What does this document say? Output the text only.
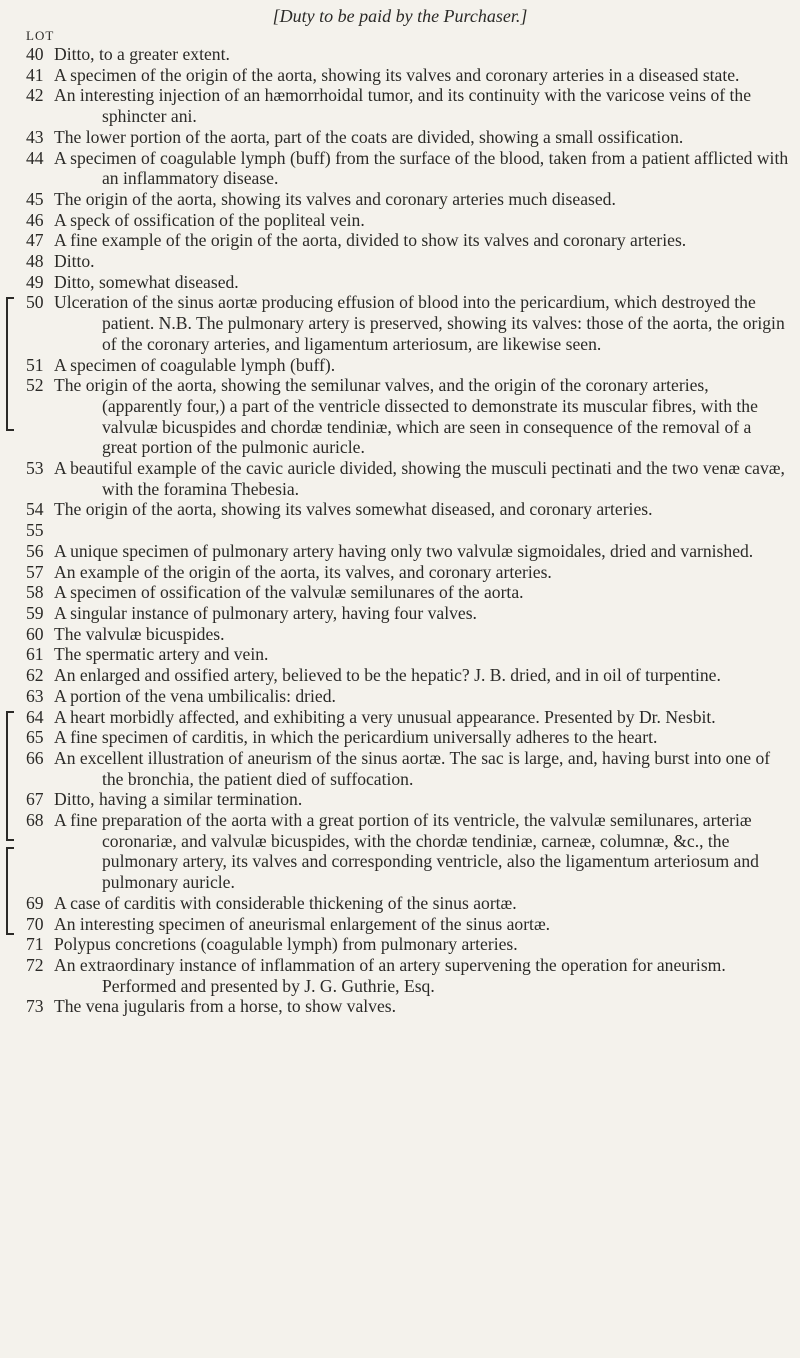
[Duty to be paid by the Purchaser.]
LOT
40 Ditto, to a greater extent.
41 A specimen of the origin of the aorta, showing its valves and coronary arteries in a diseased state.
42 An interesting injection of an hæmorrhoidal tumor, and its continuity with the varicose veins of the sphincter ani.
43 The lower portion of the aorta, part of the coats are divided, showing a small ossification.
44 A specimen of coagulable lymph (buff) from the surface of the blood, taken from a patient afflicted with an inflammatory disease.
45 The origin of the aorta, showing its valves and coronary arteries much diseased.
46 A speck of ossification of the popliteal vein.
47 A fine example of the origin of the aorta, divided to show its valves and coronary arteries.
48 Ditto.
49 Ditto, somewhat diseased.
50 Ulceration of the sinus aortæ producing effusion of blood into the pericardium, which destroyed the patient. N.B. The pulmonary artery is preserved, showing its valves: those of the aorta, the origin of the coronary arteries, and ligamentum arteriosum, are likewise seen.
51 A specimen of coagulable lymph (buff).
52 The origin of the aorta, showing the semilunar valves, and the origin of the coronary arteries, (apparently four,) a part of the ventricle dissected to demonstrate its muscular fibres, with the valvulæ bicuspides and chordæ tendiniæ, which are seen in consequence of the removal of a great portion of the pulmonic auricle.
53 A beautiful example of the cavic auricle divided, showing the musculi pectinati and the two venæ cavæ, with the foramina Thebesia.
54 The origin of the aorta, showing its valves somewhat diseased, and coronary arteries.
55
56 A unique specimen of pulmonary artery having only two valvulæ sigmoidales, dried and varnished.
57 An example of the origin of the aorta, its valves, and coronary arteries.
58 A specimen of ossification of the valvulæ semilunares of the aorta.
59 A singular instance of pulmonary artery, having four valves.
60 The valvulæ bicuspides.
61 The spermatic artery and vein.
62 An enlarged and ossified artery, believed to be the hepatic? J. B. dried, and in oil of turpentine.
63 A portion of the vena umbilicalis: dried.
64 A heart morbidly affected, and exhibiting a very unusual appearance. Presented by Dr. Nesbit.
65 A fine specimen of carditis, in which the pericardium universally adheres to the heart.
66 An excellent illustration of aneurism of the sinus aortæ. The sac is large, and, having burst into one of the bronchia, the patient died of suffocation.
67 Ditto, having a similar termination.
68 A fine preparation of the aorta with a great portion of its ventricle, the valvulæ semilunares, arteriæ coronariæ, and valvulæ bicuspides, with the chordæ tendiniæ, carneæ, columnæ, &c., the pulmonary artery, its valves and corresponding ventricle, also the ligamentum arteriosum and pulmonary auricle.
69 A case of carditis with considerable thickening of the sinus aortæ.
70 An interesting specimen of aneurismal enlargement of the sinus aortæ.
71 Polypus concretions (coagulable lymph) from pulmonary arteries.
72 An extraordinary instance of inflammation of an artery supervening the operation for aneurism. Performed and presented by J. G. Guthrie, Esq.
73 The vena jugularis from a horse, to show valves.
